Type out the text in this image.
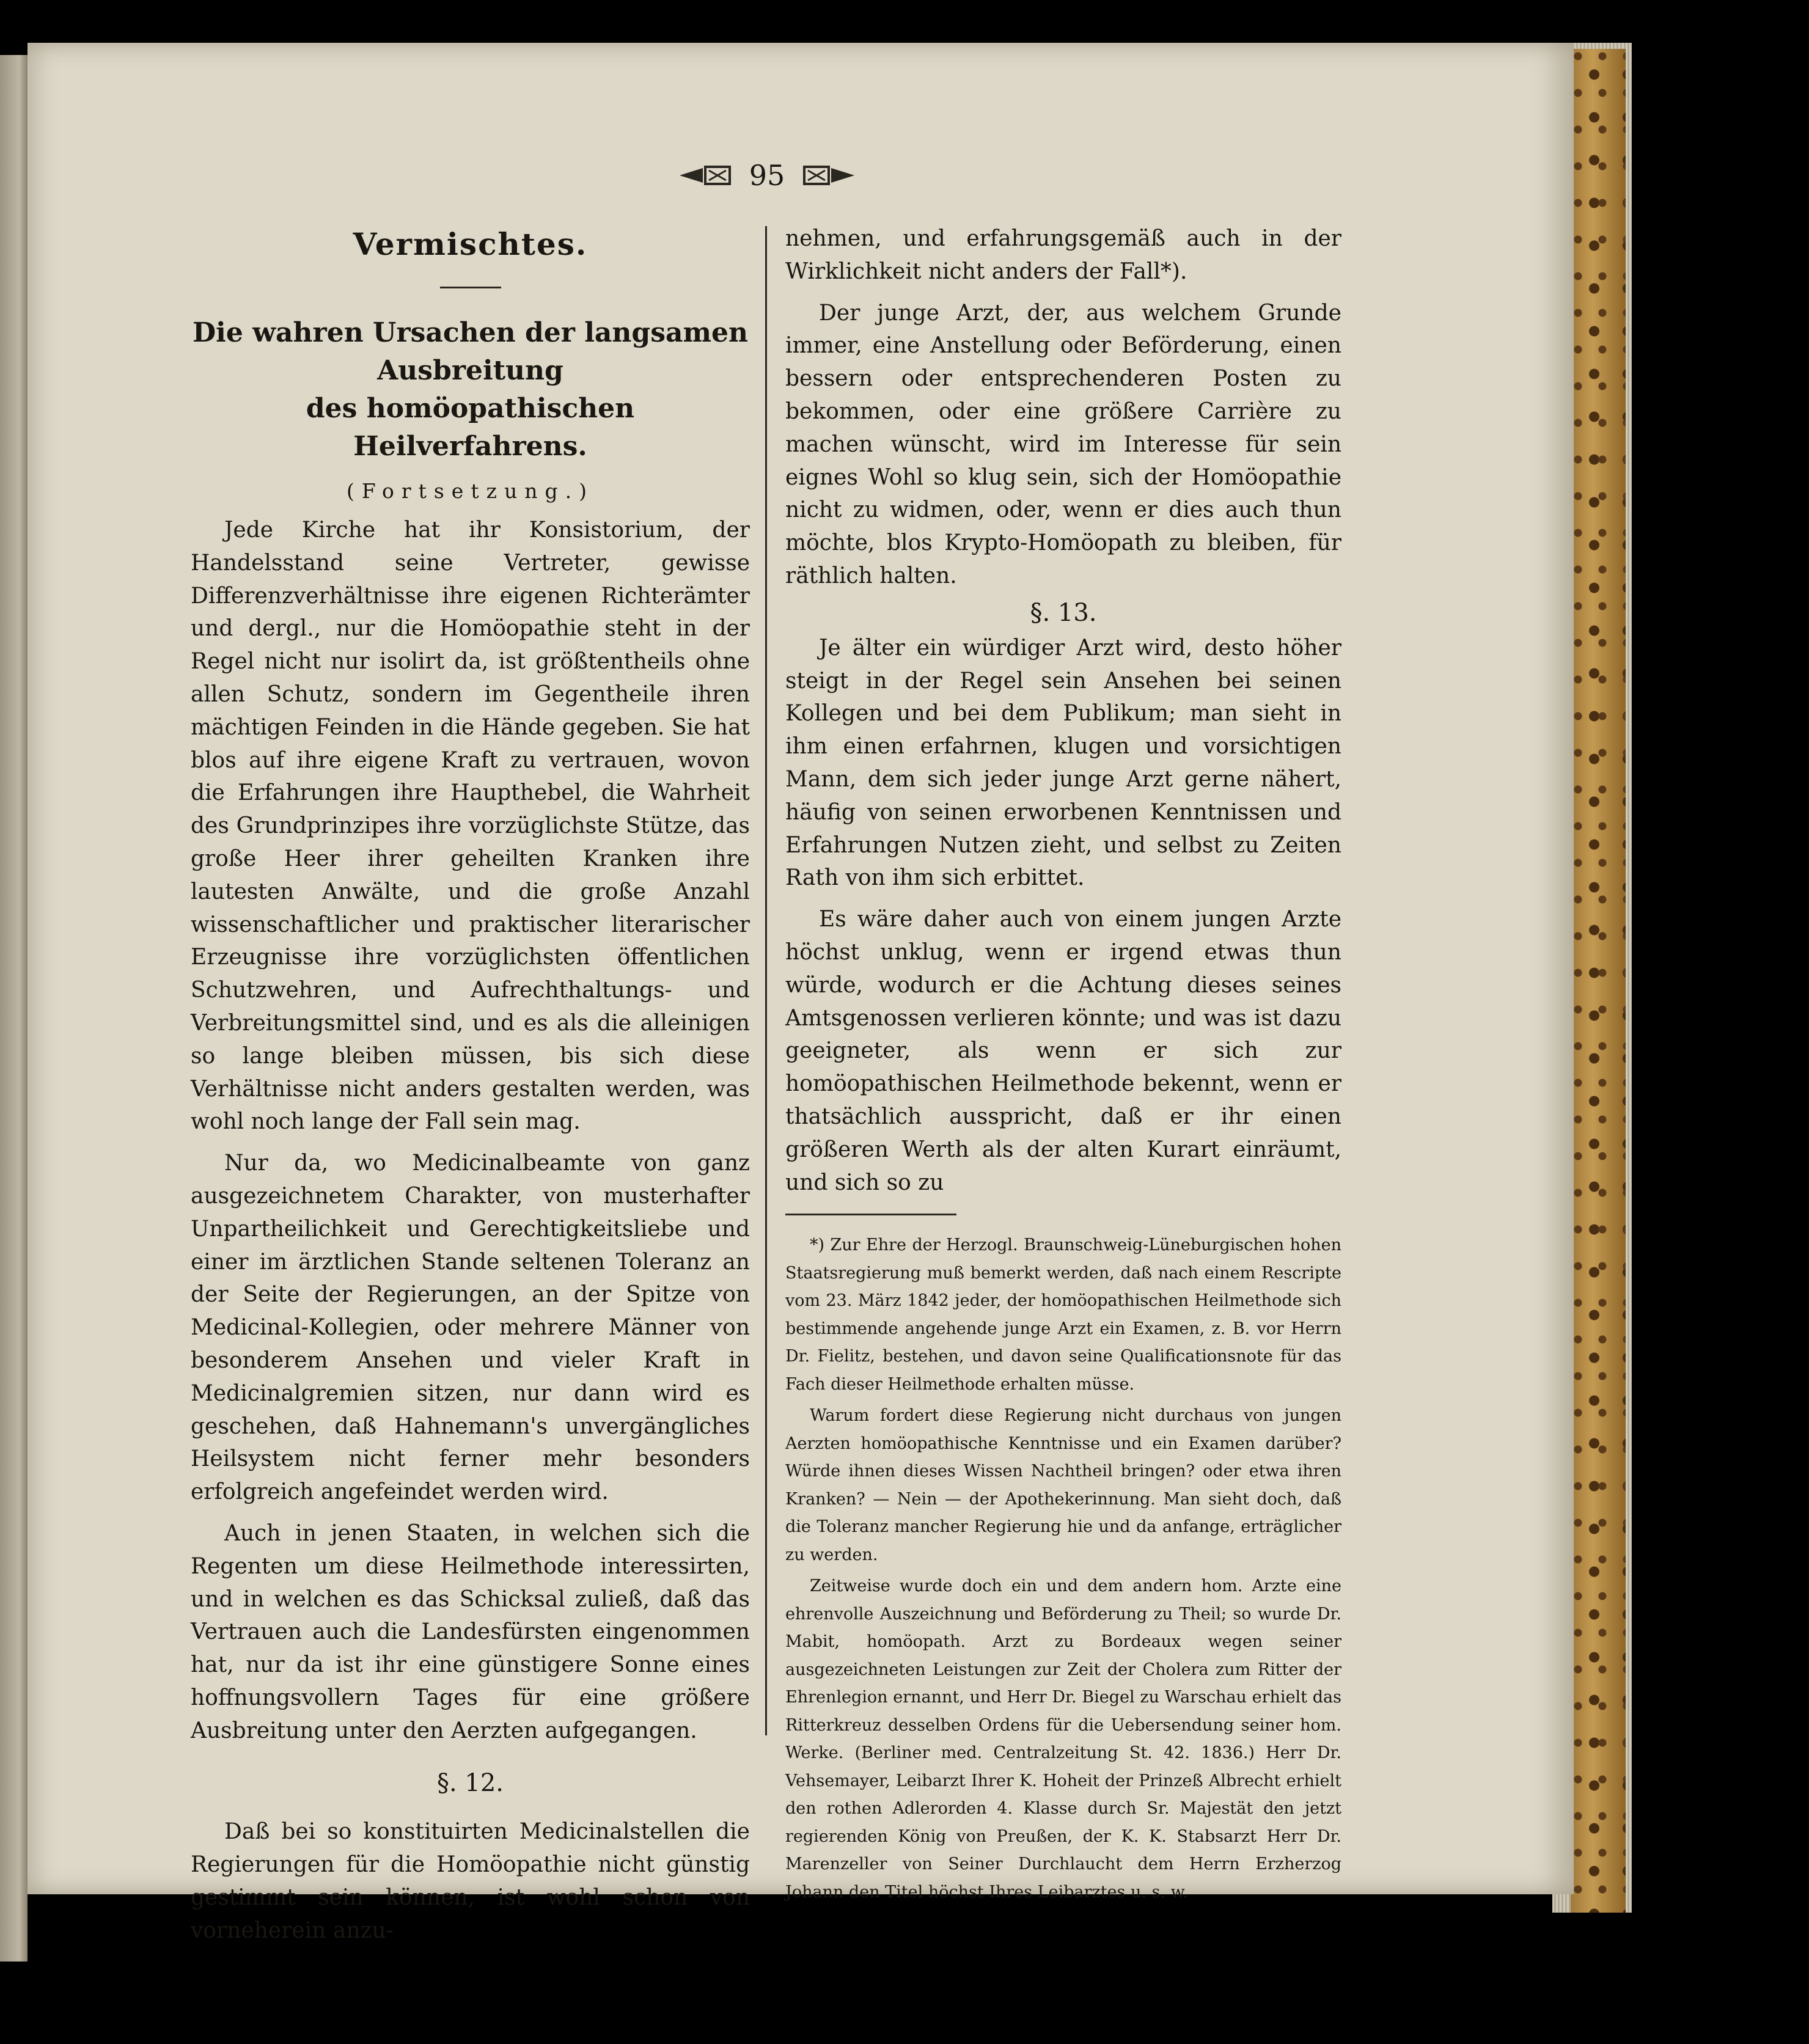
95
Vermischtes.
Die wahren Ursachen der langsamen Ausbreitung
des homöopathischen Heilverfahrens.
(Fortsetzung.)

Jede Kirche hat ihr Konsistorium, der Handelsstand seine Vertreter, gewisse Differenzverhältnisse ihre eigenen Richterämter und dergl., nur die Homöopathie steht in der Regel nicht nur isolirt da, ist größtentheils ohne allen Schutz, sondern im Gegentheile ihren mächtigen Feinden in die Hände gegeben. Sie hat blos auf ihre eigene Kraft zu vertrauen, wovon die Erfahrungen ihre Haupthebel, die Wahrheit des Grundprinzipes ihre vorzüglichste Stütze, das große Heer ihrer geheilten Kranken ihre lautesten Anwälte, und die große Anzahl wissenschaftlicher und praktischer literarischer Erzeugnisse ihre vorzüglichsten öffentlichen Schutzwehren, und Aufrechthaltungs- und Verbreitungsmittel sind, und es als die alleinigen so lange bleiben müssen, bis sich diese Verhältnisse nicht anders gestalten werden, was wohl noch lange der Fall sein mag.

Nur da, wo Medicinalbeamte von ganz ausgezeichnetem Charakter, von musterhafter Unpartheilichkeit und Gerechtigkeitsliebe und einer im ärztlichen Stande seltenen Toleranz an der Seite der Regierungen, an der Spitze von Medicinal-Kollegien, oder mehrere Männer von besonderem Ansehen und vieler Kraft in Medicinalgremien sitzen, nur dann wird es geschehen, daß Hahnemann's unvergängliches Heilsystem nicht ferner mehr besonders erfolgreich angefeindet werden wird.

Auch in jenen Staaten, in welchen sich die Regenten um diese Heilmethode interessirten, und in welchen es das Schicksal zuließ, daß das Vertrauen auch die Landesfürsten eingenommen hat, nur da ist ihr eine günstigere Sonne eines hoffnungsvollern Tages für eine größere Ausbreitung unter den Aerzten aufgegangen.

§. 12.

Daß bei so konstituirten Medicinalstellen die Regierungen für die Homöopathie nicht günstig gestimmt sein können, ist wohl schon von vorneherein anzu-

nehmen, und erfahrungsgemäß auch in der Wirklichkeit nicht anders der Fall*).

Der junge Arzt, der, aus welchem Grunde immer, eine Anstellung oder Beförderung, einen bessern oder entsprechenderen Posten zu bekommen, oder eine größere Carrière zu machen wünscht, wird im Interesse für sein eignes Wohl so klug sein, sich der Homöopathie nicht zu widmen, oder, wenn er dies auch thun möchte, blos Krypto-Homöopath zu bleiben, für räthlich halten.

§. 13.

Je älter ein würdiger Arzt wird, desto höher steigt in der Regel sein Ansehen bei seinen Kollegen und bei dem Publikum; man sieht in ihm einen erfahrnen, klugen und vorsichtigen Mann, dem sich jeder junge Arzt gerne nähert, häufig von seinen erworbenen Kenntnissen und Erfahrungen Nutzen zieht, und selbst zu Zeiten Rath von ihm sich erbittet.

Es wäre daher auch von einem jungen Arzte höchst unklug, wenn er irgend etwas thun würde, wodurch er die Achtung dieses seines Amtsgenossen verlieren könnte; und was ist dazu geeigneter, als wenn er sich zur homöopathischen Heilmethode bekennt, wenn er thatsächlich ausspricht, daß er ihr einen größeren Werth als der alten Kurart einräumt, und sich so zu

*) Zur Ehre der Herzogl. Braunschweig-Lüneburgischen hohen Staatsregierung muß bemerkt werden, daß nach einem Rescripte vom 23. März 1842 jeder, der homöopathischen Heilmethode sich bestimmende angehende junge Arzt ein Examen, z. B. vor Herrn Dr. Fielitz, bestehen, und davon seine Qualificationsnote für das Fach dieser Heilmethode erhalten müsse.

Warum fordert diese Regierung nicht durchaus von jungen Aerzten homöopathische Kenntnisse und ein Examen darüber? Würde ihnen dieses Wissen Nachtheil bringen? oder etwa ihren Kranken? — Nein — der Apothekerinnung. Man sieht doch, daß die Toleranz mancher Regierung hie und da anfange, erträglicher zu werden.

Zeitweise wurde doch ein und dem andern hom. Arzte eine ehrenvolle Auszeichnung und Beförderung zu Theil; so wurde Dr. Mabit, homöopath. Arzt zu Bordeaux wegen seiner ausgezeichneten Leistungen zur Zeit der Cholera zum Ritter der Ehrenlegion ernannt, und Herr Dr. Biegel zu Warschau erhielt das Ritterkreuz desselben Ordens für die Uebersendung seiner hom. Werke. (Berliner med. Centralzeitung St. 42. 1836.) Herr Dr. Vehsemayer, Leibarzt Ihrer K. Hoheit der Prinzeß Albrecht erhielt den rothen Adlerorden 4. Klasse durch Sr. Majestät den jetzt regierenden König von Preußen, der K. K. Stabsarzt Herr Dr. Marenzeller von Seiner Durchlaucht dem Herrn Erzherzog Johann den Titel höchst Ihres Leibarztes u. s. w.
